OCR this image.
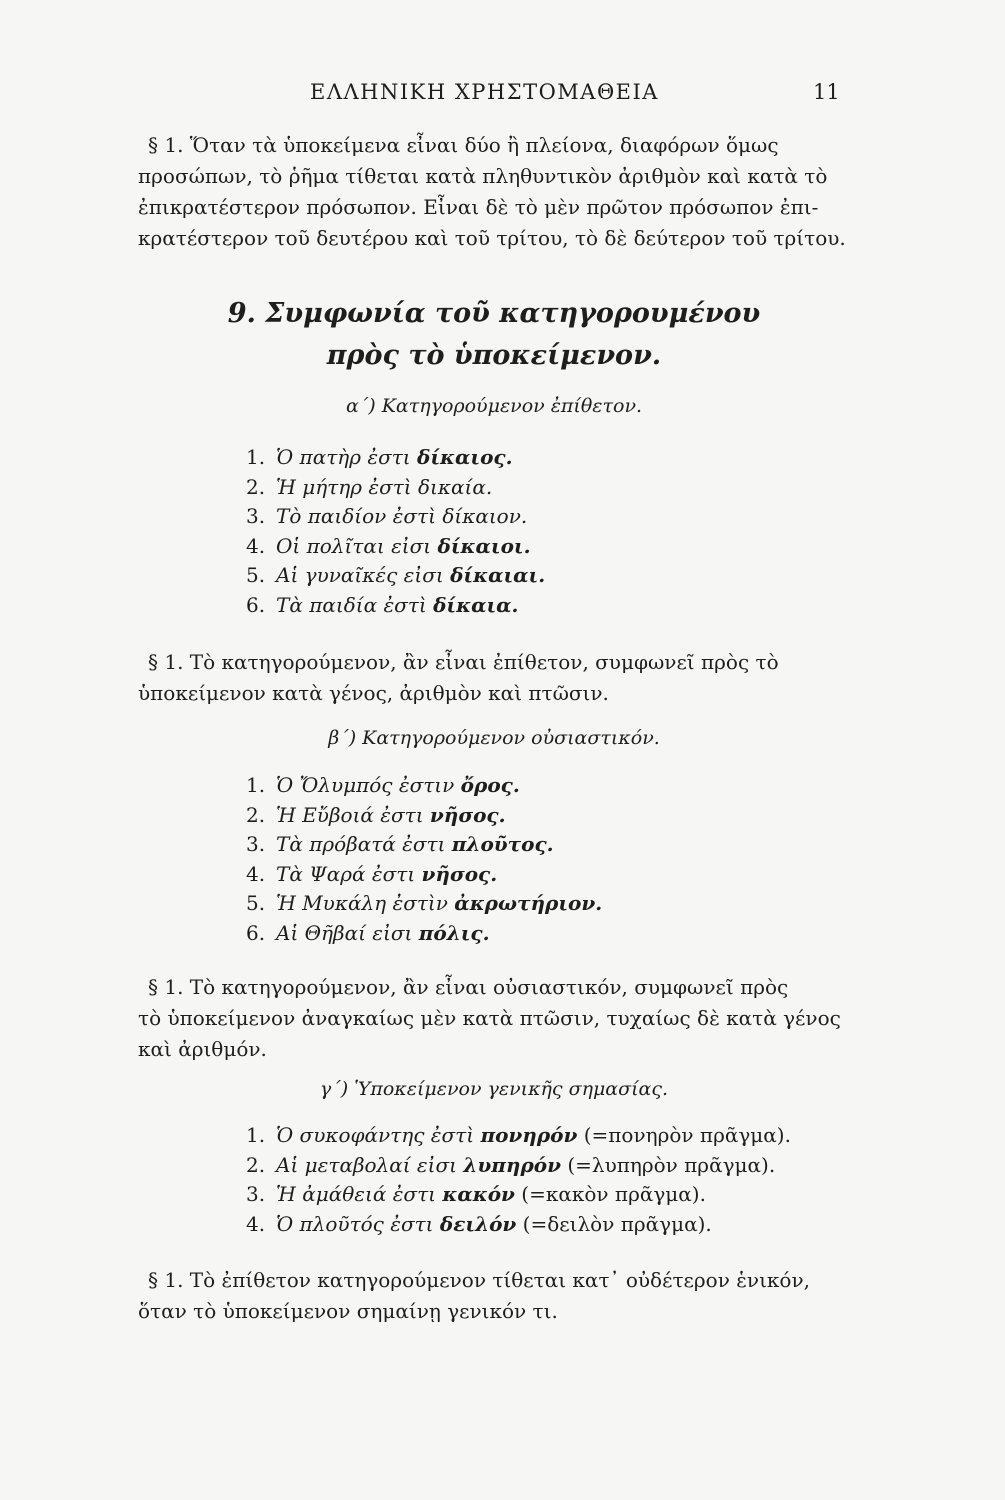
ΕΛΛΗΝΙΚΗ ΧΡΗΣΤΟΜΑΘΕΙΑ	11

§ 1. Ὅταν τὰ ὑποκείμενα εἶναι δύο ἢ πλείονα, διαφόρων ὅμως
προσώπων, τὸ ῥῆμα τίθεται κατὰ πληθυντικὸν ἀριθμὸν καὶ κατὰ τὸ
ἐπικρατέστερον πρόσωπον. Εἶναι δὲ τὸ μὲν πρῶτον πρόσωπον ἐπι-
κρατέστερον τοῦ δευτέρου καὶ τοῦ τρίτου, τὸ δὲ δεύτερον τοῦ τρίτου.

9. Συμφωνία τοῦ κατηγορουμένου
πρὸς τὸ ὑποκείμενον.
α΄) Κατηγορούμενον ἐπίθετον.
1. Ὁ πατὴρ ἐστι δίκαιος.
2. Ἡ μήτηρ ἐστὶ δικαία.
3. Τὸ παιδίον ἐστὶ δίκαιον.
4. Οἱ πολῖται εἰσι δίκαιοι.
5. Αἱ γυναῖκές εἰσι δίκαιαι.
6. Τὰ παιδία ἐστὶ δίκαια.

§ 1. Τὸ κατηγορούμενον, ἂν εἶναι ἐπίθετον, συμφωνεῖ πρὸς τὸ
ὑποκείμενον κατὰ γένος, ἀριθμὸν καὶ πτῶσιν.

β΄) Κατηγορούμενον οὐσιαστικόν.
1. Ὁ Ὄλυμπός ἐστιν ὄρος.
2. Ἡ Εὔβοιά ἐστι νῆσος.
3. Τὰ πρόβατά ἐστι πλοῦτος.
4. Τὰ Ψαρά ἐστι νῆσος.
5. Ἡ Μυκάλη ἐστὶν ἀκρωτήριον.
6. Αἱ Θῆβαί εἰσι πόλις.

§ 1. Τὸ κατηγορούμενον, ἂν εἶναι οὐσιαστικόν, συμφωνεῖ πρὸς
τὸ ὑποκείμενον ἀναγκαίως μὲν κατὰ πτῶσιν, τυχαίως δὲ κατὰ γένος
καὶ ἀριθμόν.

γ΄) Ὑποκείμενον γενικῆς σημασίας.
1. Ὁ συκοφάντης ἐστὶ πονηρόν (=πονηρὸν πρᾶγμα).
2. Αἱ μεταβολαί εἰσι λυπηρόν (=λυπηρὸν πρᾶγμα).
3. Ἡ ἀμάθειά ἐστι κακόν (=κακὸν πρᾶγμα).
4. Ὁ πλοῦτός ἐστι δειλόν (=δειλὸν πρᾶγμα).

§ 1. Τὸ ἐπίθετον κατηγορούμενον τίθεται κατ᾽ οὐδέτερον ἑνικόν,
ὅταν τὸ ὑποκείμενον σημαίνῃ γενικόν τι.
